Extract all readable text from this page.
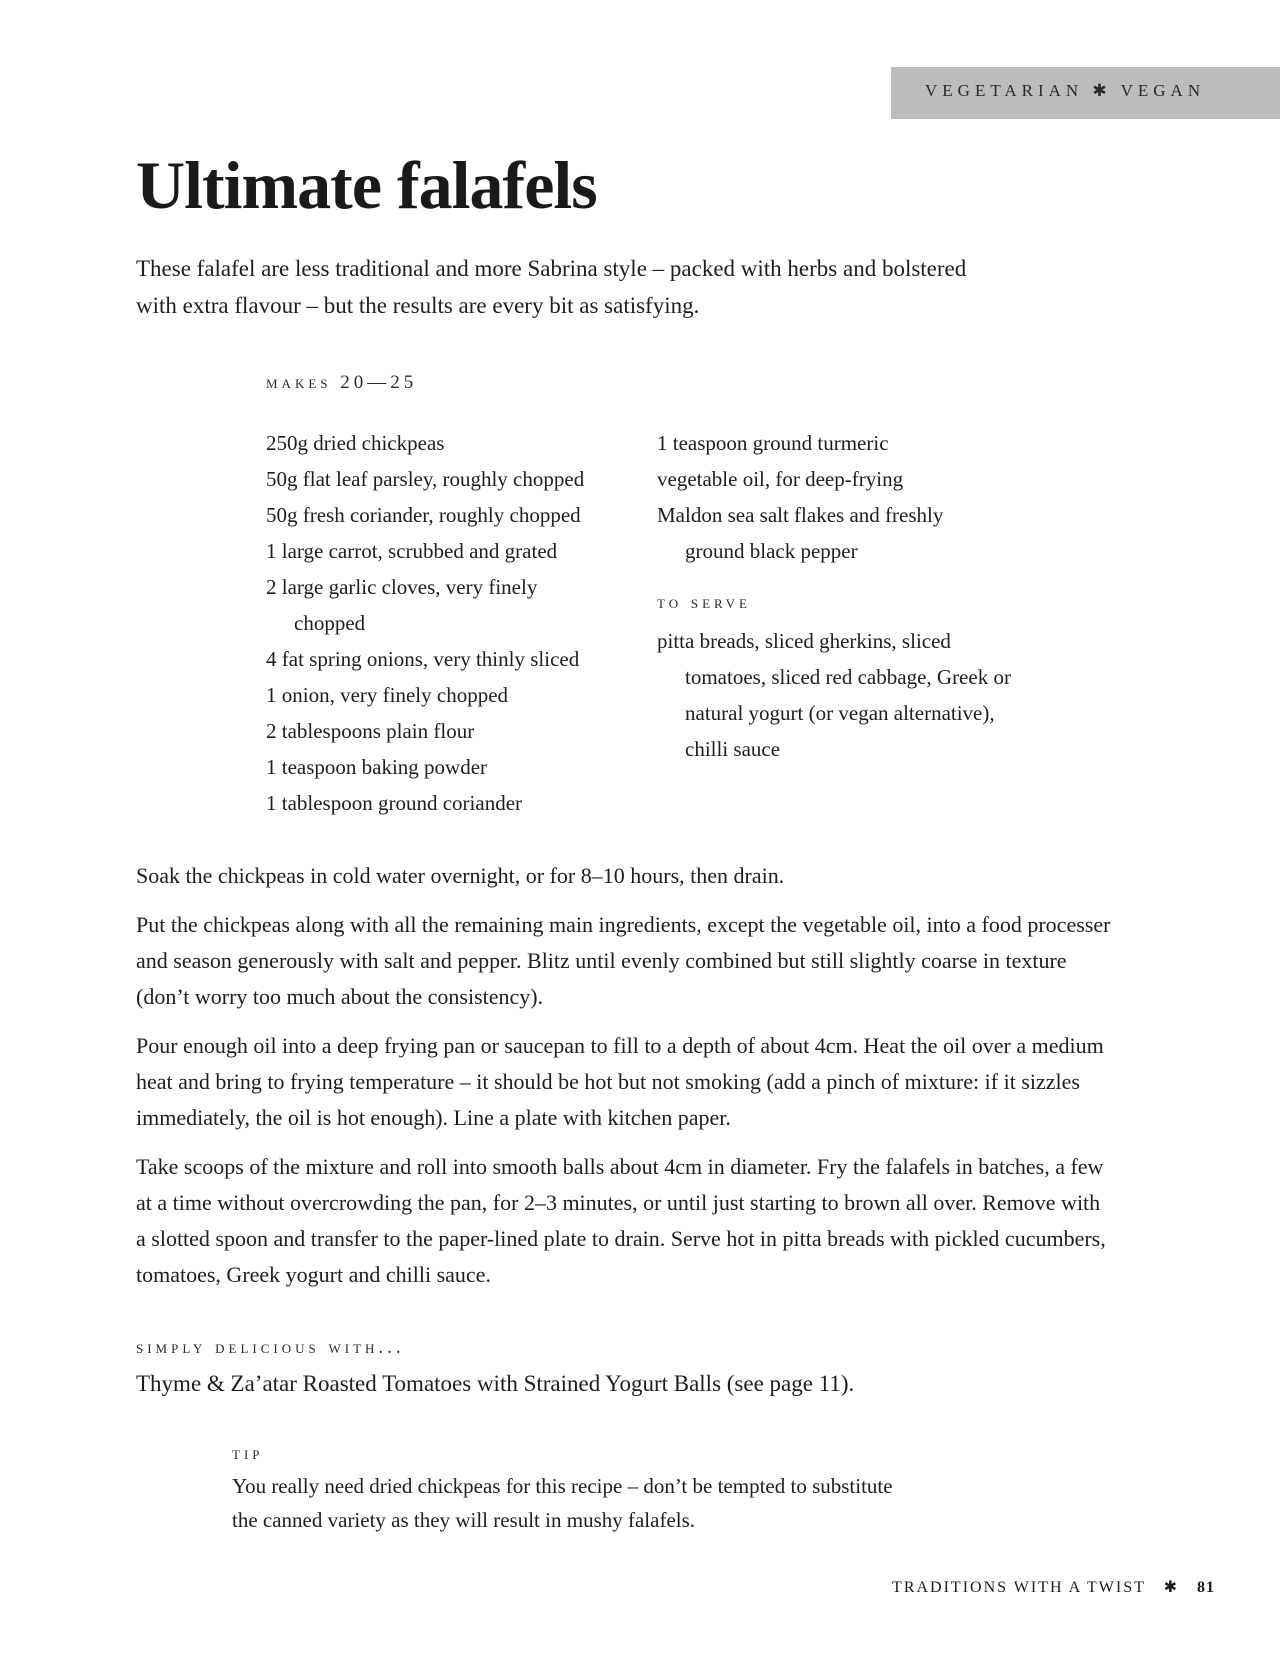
VEGETARIAN ✱ VEGAN
Ultimate falafels

These falafel are less traditional and more Sabrina style – packed with herbs and bolstered with extra flavour – but the results are every bit as satisfying.

makes 20—25
250g dried chickpeas
50g flat leaf parsley, roughly chopped
50g fresh coriander, roughly chopped
1 large carrot, scrubbed and grated
2 large garlic cloves, very finely chopped
4 fat spring onions, very thinly sliced
1 onion, very finely chopped
2 tablespoons plain flour
1 teaspoon baking powder
1 tablespoon ground coriander
1 teaspoon ground turmeric
vegetable oil, for deep-frying
Maldon sea salt flakes and freshly ground black pepper
to serve
pitta breads, sliced gherkins, sliced tomatoes, sliced red cabbage, Greek or natural yogurt (or vegan alternative), chilli sauce

Soak the chickpeas in cold water overnight, or for 8–10 hours, then drain.

Put the chickpeas along with all the remaining main ingredients, except the vegetable oil, into a food processer and season generously with salt and pepper. Blitz until evenly combined but still slightly coarse in texture (don’t worry too much about the consistency).

Pour enough oil into a deep frying pan or saucepan to fill to a depth of about 4cm. Heat the oil over a medium heat and bring to frying temperature – it should be hot but not smoking (add a pinch of mixture: if it sizzles immediately, the oil is hot enough). Line a plate with kitchen paper.

Take scoops of the mixture and roll into smooth balls about 4cm in diameter. Fry the falafels in batches, a few at a time without overcrowding the pan, for 2–3 minutes, or until just starting to brown all over. Remove with a slotted spoon and transfer to the paper-lined plate to drain. Serve hot in pitta breads with pickled cucumbers, tomatoes, Greek yogurt and chilli sauce.

simply delicious with...

Thyme & Za’atar Roasted Tomatoes with Strained Yogurt Balls (see page 11).

tip

You really need dried chickpeas for this recipe – don’t be tempted to substitute the canned variety as they will result in mushy falafels.

TRADITIONS WITH A TWIST ✱ 81
